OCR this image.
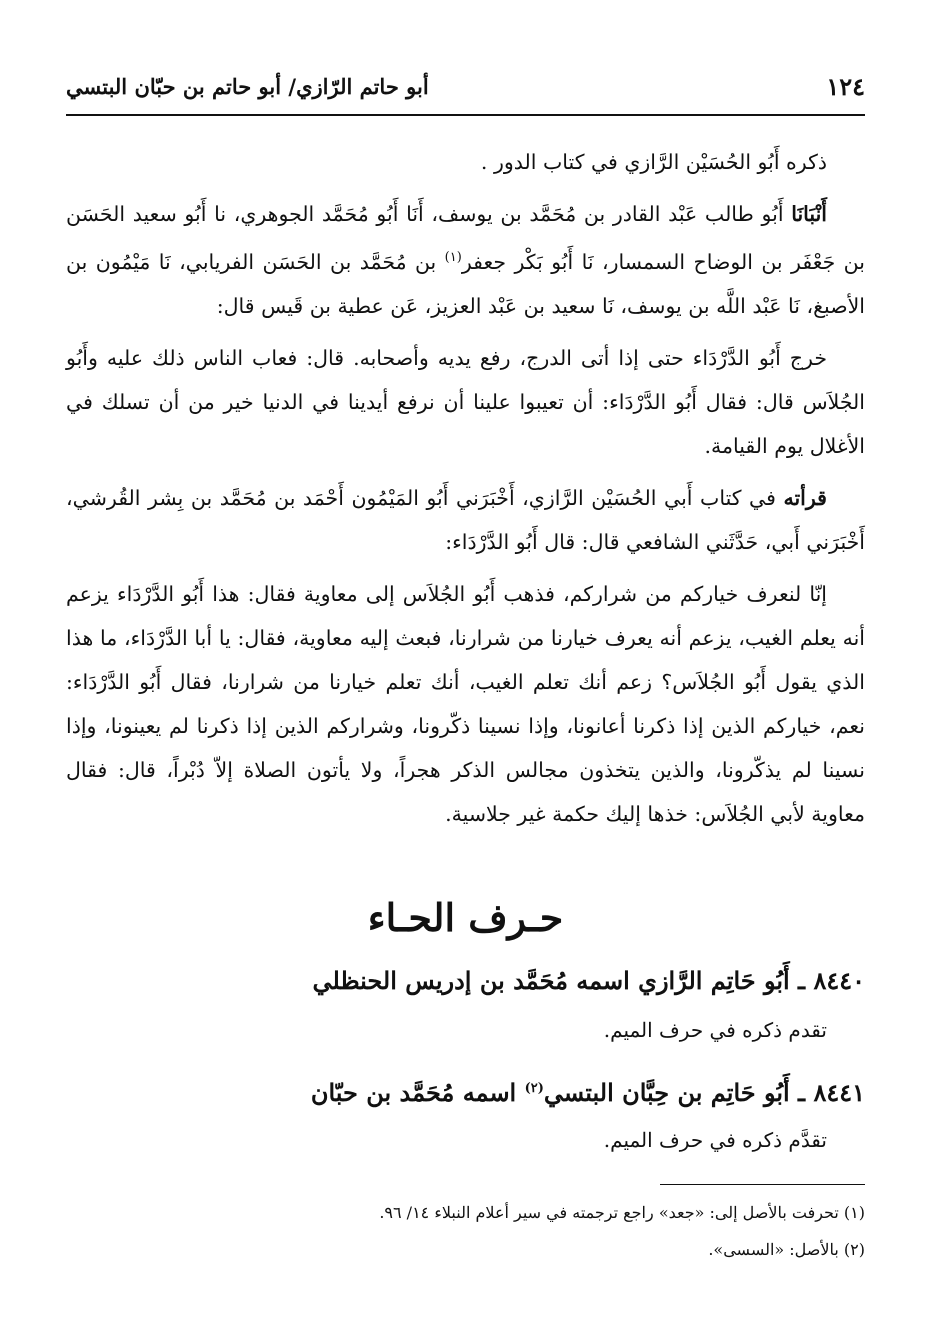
١٢٤
أبو حاتم الرّازي/ أبو حاتم بن حبّان البتسي

ذكره أَبُو الحُسَيْن الرَّازي في كتاب الدور .

أَنْبَانَا أَبُو طالب عَبْد القادر بن مُحَمَّد بن يوسف، أَنَا أَبُو مُحَمَّد الجوهري، نا أَبُو سعيد الحَسَن بن جَعْفَر بن الوضاح السمسار، نَا أَبُو بَكْر جعفر$^{(١)}$ بن مُحَمَّد بن الحَسَن الفريابي، نَا مَيْمُون بن الأصبغ، نَا عَبْد اللَّه بن يوسف، نَا سعيد بن عَبْد العزيز، عَن عطية بن قَيس قال:

خرج أَبُو الدَّرْدَاء حتى إذا أتى الدرج، رفع يديه وأصحابه. قال: فعاب الناس ذلك عليه وأَبُو الجُلاَس قال: فقال أَبُو الدَّرْدَاء: أن تعيبوا علينا أن نرفع أيدينا في الدنيا خير من أن تسلك في الأغلال يوم القيامة.

قرأته في كتاب أَبي الحُسَيْن الرَّازي، أَخْبَرَني أَبُو المَيْمُون أَحْمَد بن مُحَمَّد بن بِشر القُرشي، أَخْبَرَني أَبي، حَدَّثَني الشافعي قال: قال أَبُو الدَّرْدَاء:

إنّا لنعرف خياركم من شراركم، فذهب أَبُو الجُلاَس إلى معاوية فقال: هذا أَبُو الدَّرْدَاء يزعم أنه يعلم الغيب، يزعم أنه يعرف خيارنا من شرارنا، فبعث إليه معاوية، فقال: يا أبا الدَّرْدَاء، ما هذا الذي يقول أَبُو الجُلاَس؟ زعم أنك تعلم الغيب، أنك تعلم خيارنا من شرارنا، فقال أَبُو الدَّرْدَاء: نعم، خياركم الذين إذا ذكرنا أعانونا، وإذا نسينا ذكّرونا، وشراركم الذين إذا ذكرنا لم يعينونا، وإذا نسينا لم يذكّرونا، والذين يتخذون مجالس الذكر هجراً، ولا يأتون الصلاة إلاّ دُبْراً، قال: فقال معاوية لأبي الجُلاَس: خذها إليك حكمة غير جلاسية.

حـرف الحـاء
٨٤٤٠ ـ أَبُو حَاتِم الرَّازي اسمه مُحَمَّد بن إدريس الحنظلي
تقدم ذكره في حرف الميم.
٨٤٤١ ـ أَبُو حَاتِم بن حِبَّان البتسي$^{(٢)}$ اسمه مُحَمَّد بن حبّان
تقدَّم ذكره في حرف الميم.
(١) تحرفت بالأصل إلى: «جعد» راجع ترجمته في سير أعلام النبلاء ١٤/ ٩٦.
(٢) بالأصل: «السسى».
